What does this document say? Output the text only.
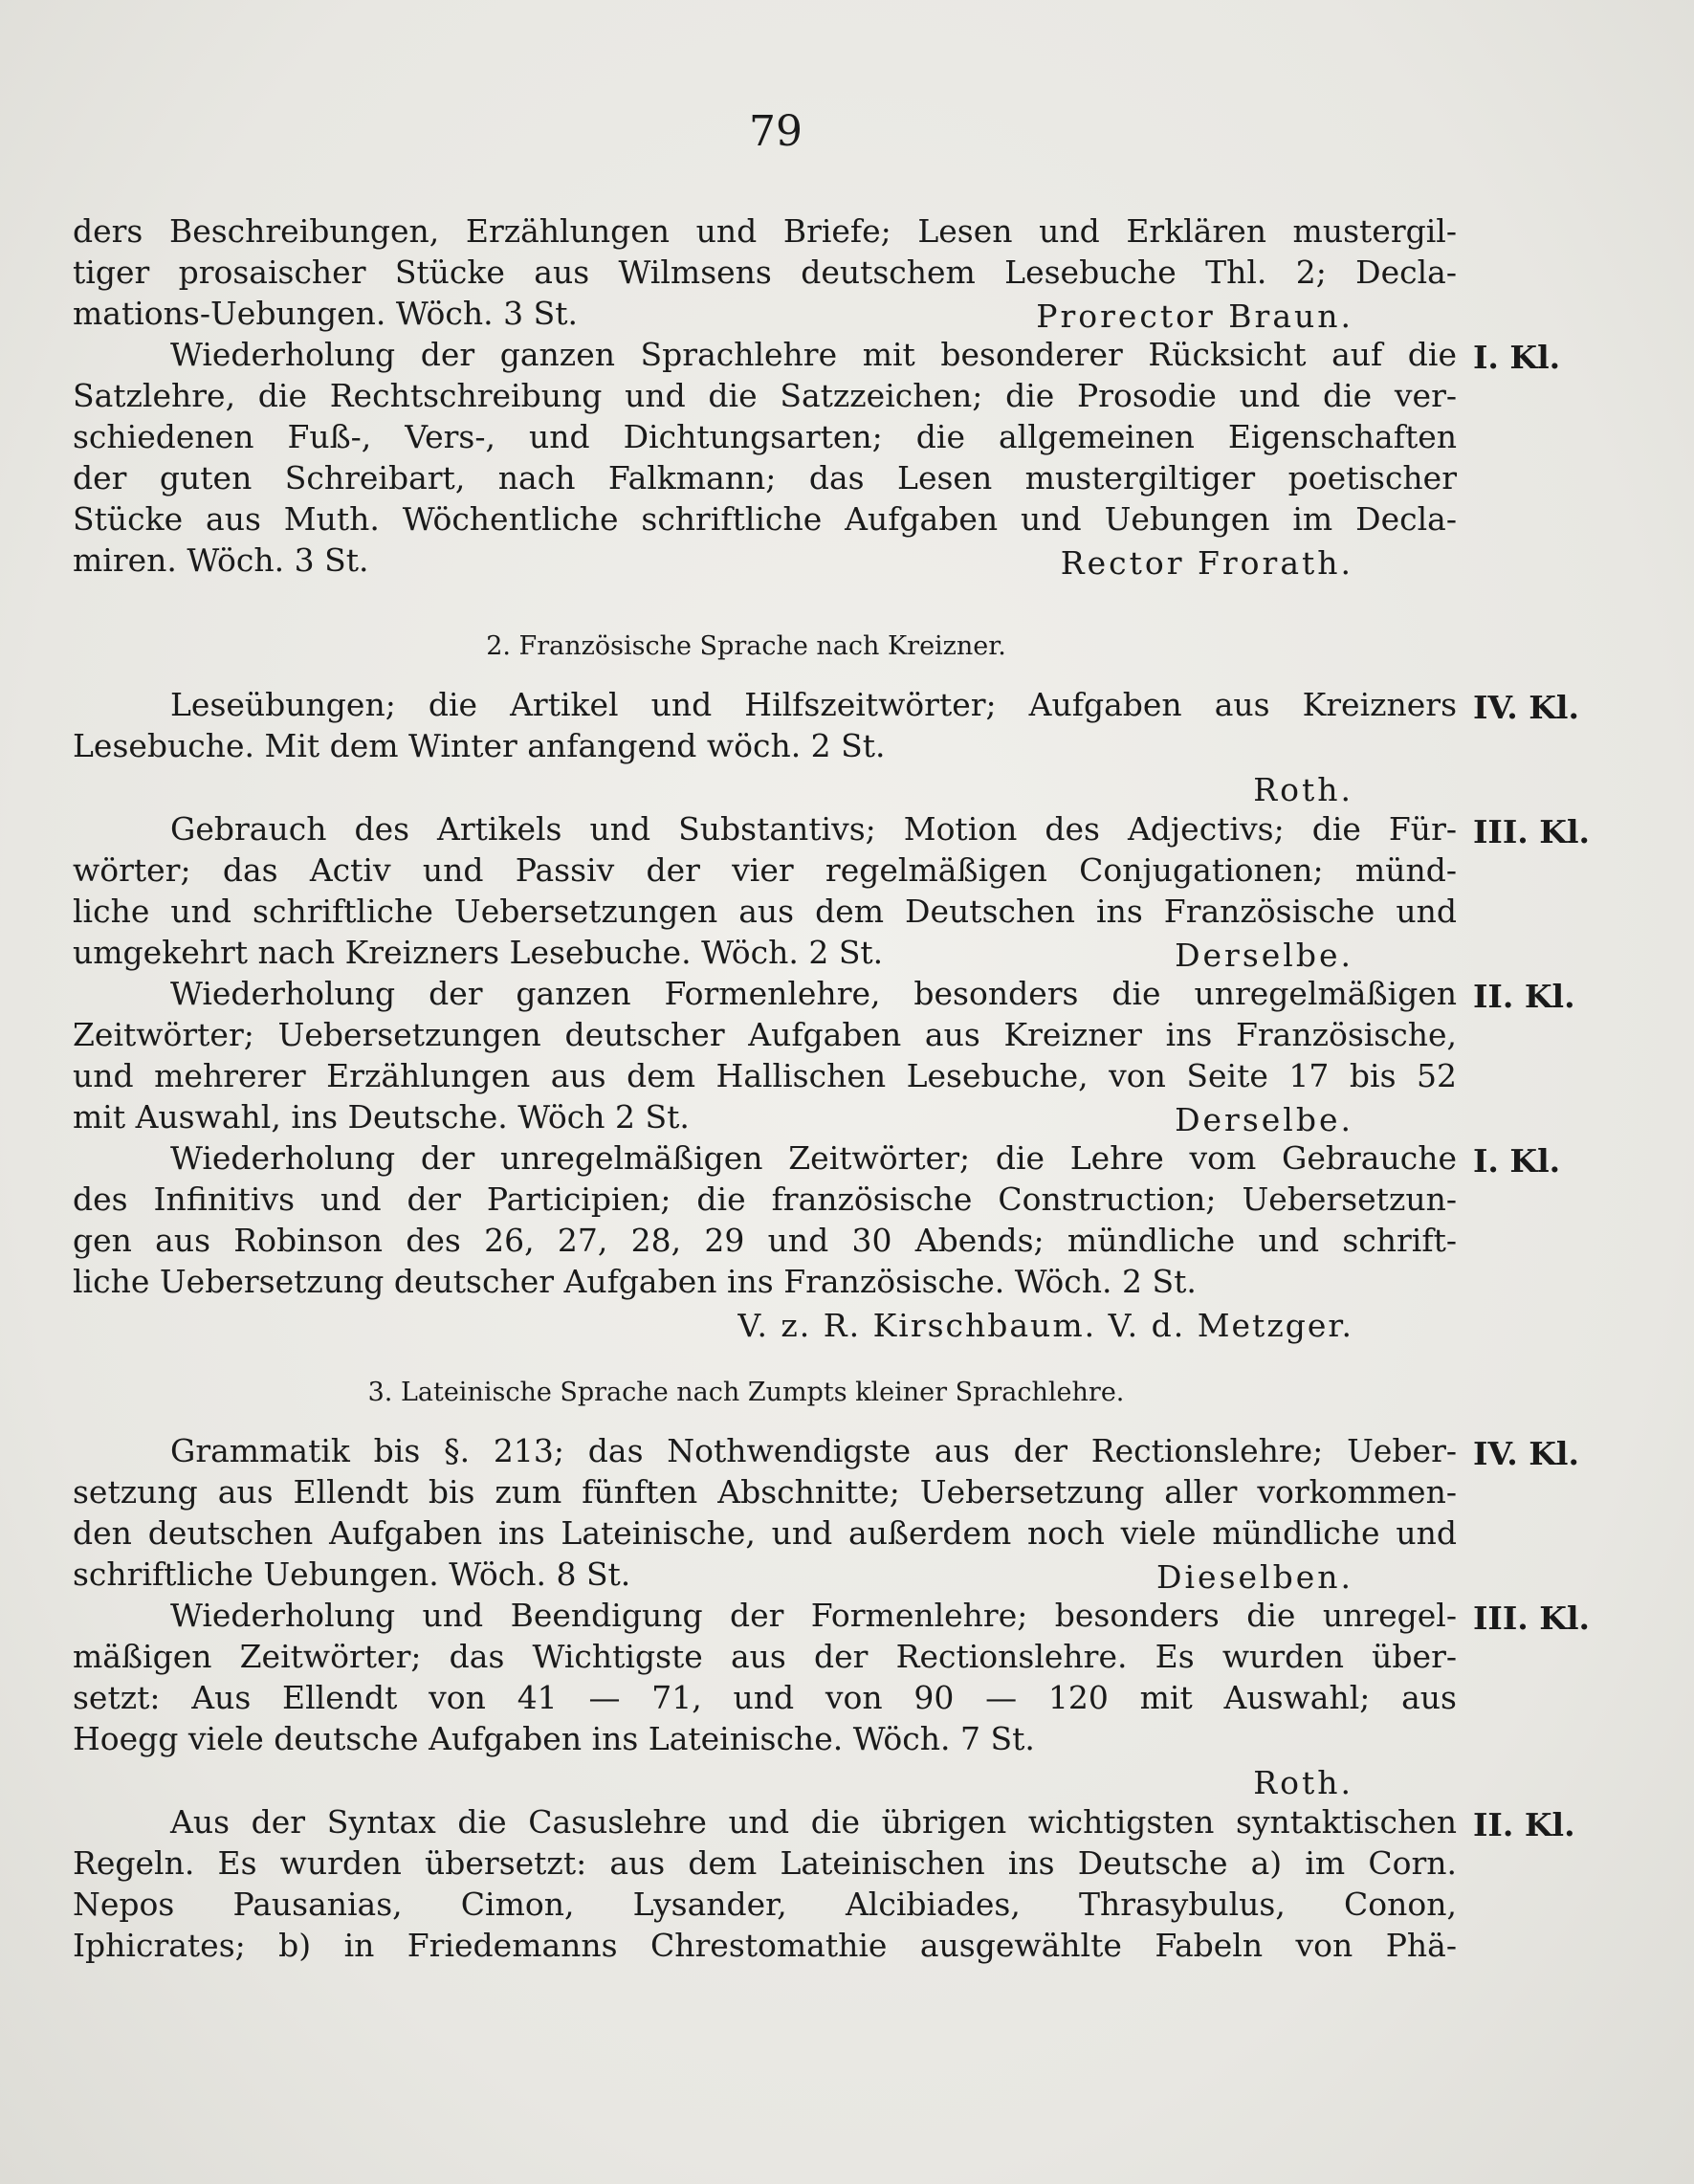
79
ders Beschreibungen, Erzählungen und Briefe; Lesen und Erklären mustergil-
tiger prosaischer Stücke aus Wilmsens deutschem Lesebuche Thl. 2; Decla-
mations-Uebungen. Wöch. 3 St.	Prorector Braun.
Wiederholung der ganzen Sprachlehre mit besonderer Rücksicht auf die I. Kl.
Satzlehre, die Rechtschreibung und die Satzzeichen; die Prosodie und die ver-
schiedenen Fuß-, Vers-, und Dichtungsarten; die allgemeinen Eigenschaften
der guten Schreibart, nach Falkmann; das Lesen mustergiltiger poetischer
Stücke aus Muth. Wöchentliche schriftliche Aufgaben und Uebungen im Decla-
miren. Wöch. 3 St.	Rector Frorath.
2. Französische Sprache nach Kreizner.
Leseübungen; die Artikel und Hilfszeitwörter; Aufgaben aus Kreizners IV. Kl.
Lesebuche. Mit dem Winter anfangend wöch. 2 St.
Roth.
Gebrauch des Artikels und Substantivs; Motion des Adjectivs; die Für- III. Kl.
wörter; das Activ und Passiv der vier regelmäßigen Conjugationen; münd-
liche und schriftliche Uebersetzungen aus dem Deutschen ins Französische und
umgekehrt nach Kreizners Lesebuche. Wöch. 2 St.	Derselbe.
Wiederholung der ganzen Formenlehre, besonders die unregelmäßigen II. Kl.
Zeitwörter; Uebersetzungen deutscher Aufgaben aus Kreizner ins Französische,
und mehrerer Erzählungen aus dem Hallischen Lesebuche, von Seite 17 bis 52
mit Auswahl, ins Deutsche. Wöch 2 St.	Derselbe.
Wiederholung der unregelmäßigen Zeitwörter; die Lehre vom Gebrauche I. Kl.
des Infinitivs und der Participien; die französische Construction; Uebersetzun-
gen aus Robinson des 26, 27, 28, 29 und 30 Abends; mündliche und schrift-
liche Uebersetzung deutscher Aufgaben ins Französische. Wöch. 2 St.
V. z. R. Kirschbaum. V. d. Metzger.
3. Lateinische Sprache nach Zumpts kleiner Sprachlehre.
Grammatik bis §. 213; das Nothwendigste aus der Rectionslehre; Ueber- IV. Kl.
setzung aus Ellendt bis zum fünften Abschnitte; Uebersetzung aller vorkommen-
den deutschen Aufgaben ins Lateinische, und außerdem noch viele mündliche und
schriftliche Uebungen. Wöch. 8 St.	Dieselben.
Wiederholung und Beendigung der Formenlehre; besonders die unregel- III. Kl.
mäßigen Zeitwörter; das Wichtigste aus der Rectionslehre. Es wurden über-
setzt: Aus Ellendt von 41 — 71, und von 90 — 120 mit Auswahl; aus
Hoegg viele deutsche Aufgaben ins Lateinische. Wöch. 7 St.
Roth.
Aus der Syntax die Casuslehre und die übrigen wichtigsten syntaktischen II. Kl.
Regeln. Es wurden übersetzt: aus dem Lateinischen ins Deutsche a) im Corn.
Nepos Pausanias, Cimon, Lysander, Alcibiades, Thrasybulus, Conon,
Iphicrates; b) in Friedemanns Chrestomathie ausgewählte Fabeln von Phä-
